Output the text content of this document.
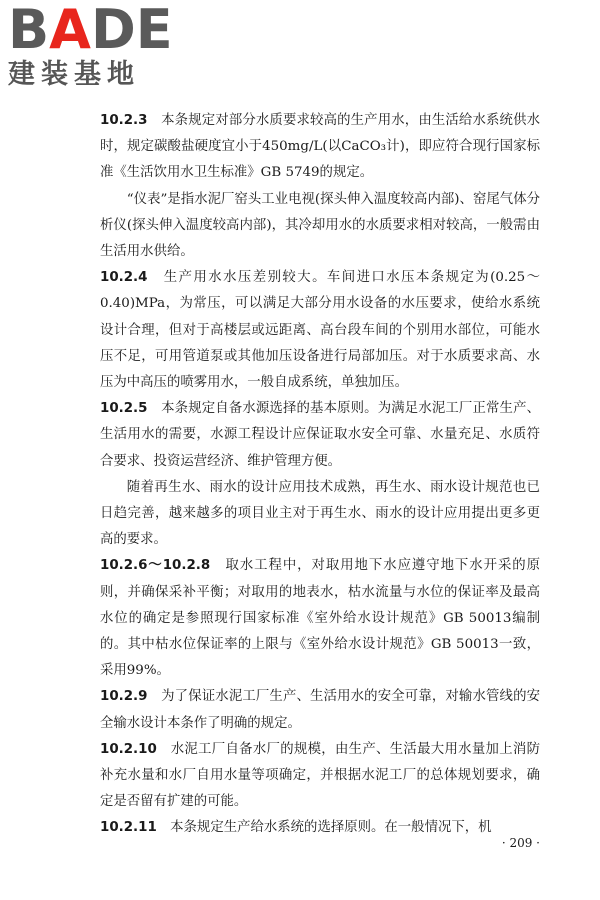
BADE
建装基地

10.2.3　 本条规定对部分水质要求较高的生产用水，由生活给水系统供水时，规定碳酸盐硬度宜小于450mg/L(以CaCO₃计)，即应符合现行国家标准《生活饮用水卫生标准》GB 5749的规定。

“仪表”是指水泥厂窑头工业电视(探头伸入温度较高内部)、窑尾气体分析仪(探头伸入温度较高内部)，其冷却用水的水质要求相对较高，一般需由生活用水供给。

10.2.4　 生产用水水压差别较大。车间进口水压本条规定为(0.25～0.40)MPa，为常压，可以满足大部分用水设备的水压要求，使给水系统设计合理，但对于高楼层或远距离、高台段车间的个别用水部位，可能水压不足，可用管道泵或其他加压设备进行局部加压。对于水质要求高、水压为中高压的喷雾用水，一般自成系统，单独加压。

10.2.5　 本条规定自备水源选择的基本原则。为满足水泥工厂正常生产、生活用水的需要，水源工程设计应保证取水安全可靠、水量充足、水质符合要求、投资运营经济、维护管理方便。

随着再生水、雨水的设计应用技术成熟，再生水、雨水设计规范也已日趋完善，越来越多的项目业主对于再生水、雨水的设计应用提出更多更高的要求。

10.2.6～10.2.8　 取水工程中，对取用地下水应遵守地下水开采的原则，并确保采补平衡；对取用的地表水，枯水流量与水位的保证率及最高水位的确定是参照现行国家标准《室外给水设计规范》GB 50013编制的。其中枯水位保证率的上限与《室外给水设计规范》GB 50013一致，采用99%。

10.2.9　 为了保证水泥工厂生产、生活用水的安全可靠，对输水管线的安全输水设计本条作了明确的规定。

10.2.10　 水泥工厂自备水厂的规模，由生产、生活最大用水量加上消防补充水量和水厂自用水量等项确定，并根据水泥工厂的总体规划要求，确定是否留有扩建的可能。

10.2.11　 本条规定生产给水系统的选择原则。在一般情况下，机

· 209 ·
